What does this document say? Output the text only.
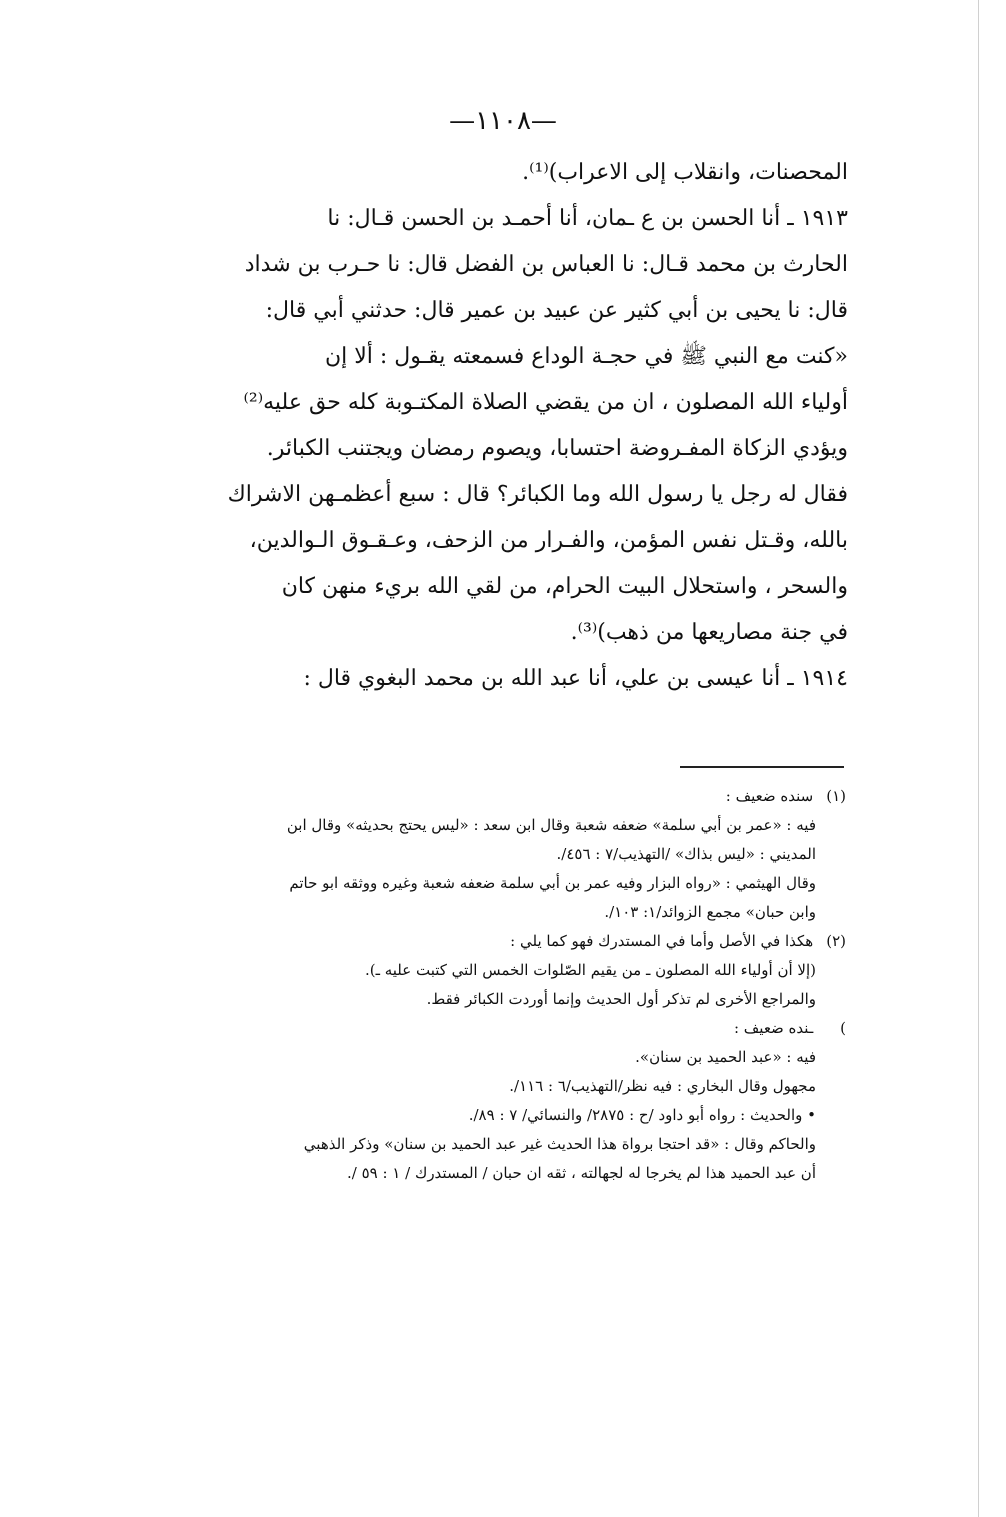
—١١٠٨—
المحصنات، وانقلاب إلى الاعراب)⁽¹⁾.
١٩١٣ ـ أنا الحسن بن ع ـمان، أنا أحمـد بن الحسن قـال: نا
الحارث بن محمد قـال: نا العباس بن الفضل قال: نا حـرب بن شداد
قال: نا يحيى بن أبي كثير عن عبيد بن عمير قال: حدثني أبي قال:
«كنت مع النبي ﷺ في حجـة الوداع فسمعته يقـول : ألا إن
أولياء الله المصلون ، ان من يقضي الصلاة المكتـوبة كله حق عليه⁽²⁾
ويؤدي الزكاة المفـروضة احتسابا، ويصوم رمضان ويجتنب الكبائر.
فقال له رجل يا رسول الله وما الكبائر؟ قال : سبع أعظمـهن الاشراك
بالله، وقـتل نفس المؤمن، والفـرار من الزحف، وعـقـوق الـوالدين،
والسحر ، واستحلال البيت الحرام، من لقي الله بريء منهن كان
في جنة مصاريعها من ذهب)⁽³⁾.
١٩١٤ ـ أنا عيسى بن علي، أنا عبد الله بن محمد البغوي قال :
(١) سنده ضعيف :
فيه : «عمر بن أبي سلمة» ضعفه شعبة وقال ابن سعد : «ليس يحتج بحديثه» وقال ابن
المديني : «ليس بذاك» /التهذيب/٧ : ٤٥٦/.
وقال الهيثمي : «رواه البزار وفيه عمر بن أبي سلمة ضعفه شعبة وغيره ووثقه ابو حاتم
وابن حبان» مجمع الزوائد/١: ١٠٣/.
(٢) هكذا في الأصل وأما في المستدرك فهو كما يلي :
(إلا أن أولياء الله المصلون ـ من يقيم الصّلوات الخمس التي كتبت عليه ـ).
والمراجع الأخرى لم تذكر أول الحديث وإنما أوردت الكبائر فقط.
) ـنده ضعيف :
فيه : «عبد الحميد بن سنان».
مجهول وقال البخاري : فيه نظر/التهذيب/٦ : ١١٦/.
• والحديث : رواه أبو داود /ح : ٢٨٧٥/ والنسائي/ ٧ : ٨٩/.
والحاكم وقال : «قد احتجا برواة هذا الحديث غير عبد الحميد بن سنان» وذكر الذهبي
أن عبد الحميد هذا لم يخرجا له لجهالته ، ثقه ان حبان / المستدرك / ١ : ٥٩ /.
